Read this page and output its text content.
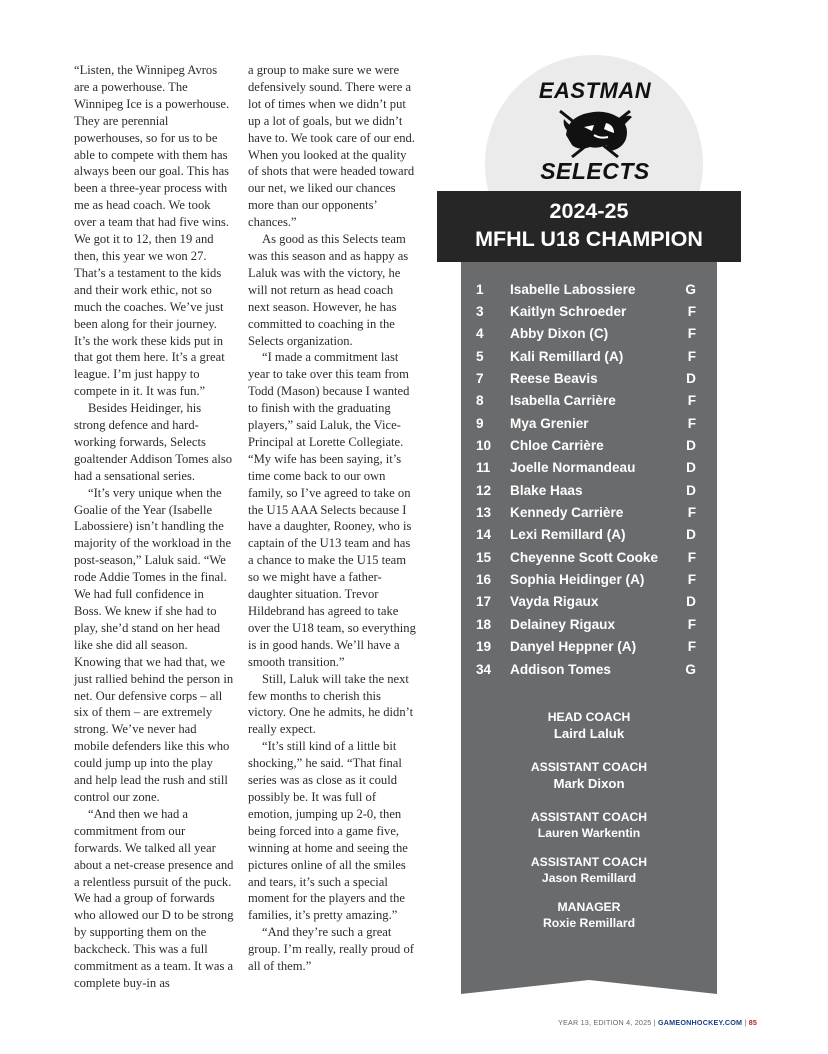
“Listen, the Winnipeg Avros are a powerhouse. The Winnipeg Ice is a powerhouse. They are perennial powerhouses, so for us to be able to compete with them has always been our goal. This has been a three-year process with me as head coach. We took over a team that had five wins. We got it to 12, then 19 and then, this year we won 27. That’s a testament to the kids and their work ethic, not so much the coaches. We’ve just been along for their journey. It’s the work these kids put in that got them here. It’s a great league. I’m just happy to compete in it. It was fun.”

Besides Heidinger, his strong defence and hard-working forwards, Selects goaltender Addison Tomes also had a sensational series.

“It’s very unique when the Goalie of the Year (Isabelle Labossiere) isn’t handling the majority of the workload in the post-season,” Laluk said. “We rode Addie Tomes in the final. We had full confidence in Boss. We knew if she had to play, she’d stand on her head like she did all season. Knowing that we had that, we just rallied behind the person in net. Our defensive corps – all six of them – are extremely strong. We’ve never had mobile defenders like this who could jump up into the play and help lead the rush and still control our zone.

“And then we had a commitment from our forwards. We talked all year about a net-crease presence and a relentless pursuit of the puck. We had a group of forwards who allowed our D to be strong by supporting them on the backcheck. This was a full commitment as a team. It was a complete buy-in as

a group to make sure we were defensively sound. There were a lot of times when we didn’t put up a lot of goals, but we didn’t have to. We took care of our end. When you looked at the quality of shots that were headed toward our net, we liked our chances more than our opponents’ chances.”

As good as this Selects team was this season and as happy as Laluk was with the victory, he will not return as head coach next season. However, he has committed to coaching in the Selects organization.

“I made a commitment last year to take over this team from Todd (Mason) because I wanted to finish with the graduating players,” said Laluk, the Vice-Principal at Lorette Collegiate. “My wife has been saying, it’s time come back to our own family, so I’ve agreed to take on the U15 AAA Selects because I have a daughter, Rooney, who is captain of the U13 team and has a chance to make the U15 team so we might have a father-daughter situation. Trevor Hildebrand has agreed to take over the U18 team, so everything is in good hands. We’ll have a smooth transition.”

Still, Laluk will take the next few months to cherish this victory. One he admits, he didn’t really expect.

“It’s still kind of a little bit shocking,” he said. “That final series was as close as it could possibly be. It was full of emotion, jumping up 2-0, then being forced into a game five, winning at home and seeing the pictures online of all the smiles and tears, it’s such a special moment for the players and the families, it’s pretty amazing.”

“And they’re such a great group. I’m really, really proud of all of them.”

EASTMAN
SELECTS
2024-25
MFHL U18 CHAMPION
1	Isabelle Labossiere	G
3	Kaitlyn Schroeder	F
4	Abby Dixon (C)	F
5	Kali Remillard (A)	F
7	Reese Beavis	D
8	Isabella Carrière	F
9	Mya Grenier	F
10	Chloe Carrière	D
11	Joelle Normandeau	D
12	Blake Haas	D
13	Kennedy Carrière	F
14	Lexi Remillard (A)	D
15	Cheyenne Scott Cooke	F
16	Sophia Heidinger (A)	F
17	Vayda Rigaux	D
18	Delainey Rigaux	F
19	Danyel Heppner (A)	F
34	Addison Tomes	G
HEAD COACH
Laird Laluk
ASSISTANT COACH
Mark Dixon
ASSISTANT COACH
Lauren Warkentin
ASSISTANT COACH
Jason Remillard
MANAGER
Roxie Remillard
YEAR 13, EDITION 4, 2025 | GAMEONHOCKEY.COM | 85
